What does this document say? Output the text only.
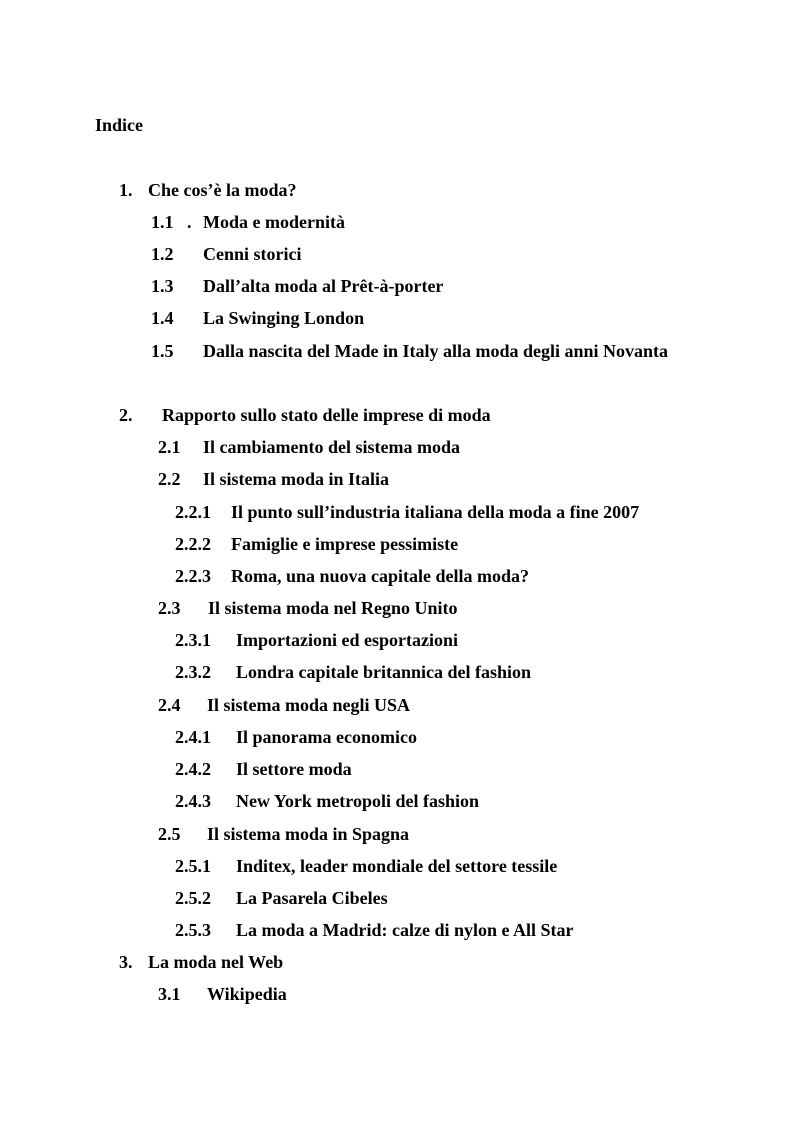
Indice
1. Che cos’è la moda?
1.1 . Moda e modernità
1.2 Cenni storici
1.3 Dall’alta moda al Prêt-à-porter
1.4 La Swinging London
1.5 Dalla nascita del Made in Italy alla moda degli anni Novanta
2. Rapporto sullo stato delle imprese di moda
2.1 Il cambiamento del sistema moda
2.2 Il sistema moda in Italia
2.2.1 Il punto sull’industria italiana della moda a fine 2007
2.2.2 Famiglie e imprese pessimiste
2.2.3 Roma, una nuova capitale della moda?
2.3 Il sistema moda nel Regno Unito
2.3.1 Importazioni ed esportazioni
2.3.2 Londra capitale britannica del fashion
2.4 Il sistema moda negli USA
2.4.1 Il panorama economico
2.4.2 Il settore moda
2.4.3 New York metropoli del fashion
2.5 Il sistema moda in Spagna
2.5.1 Inditex, leader mondiale del settore tessile
2.5.2 La Pasarela Cibeles
2.5.3 La moda a Madrid: calze di nylon e All Star
3. La moda nel Web
3.1 Wikipedia
